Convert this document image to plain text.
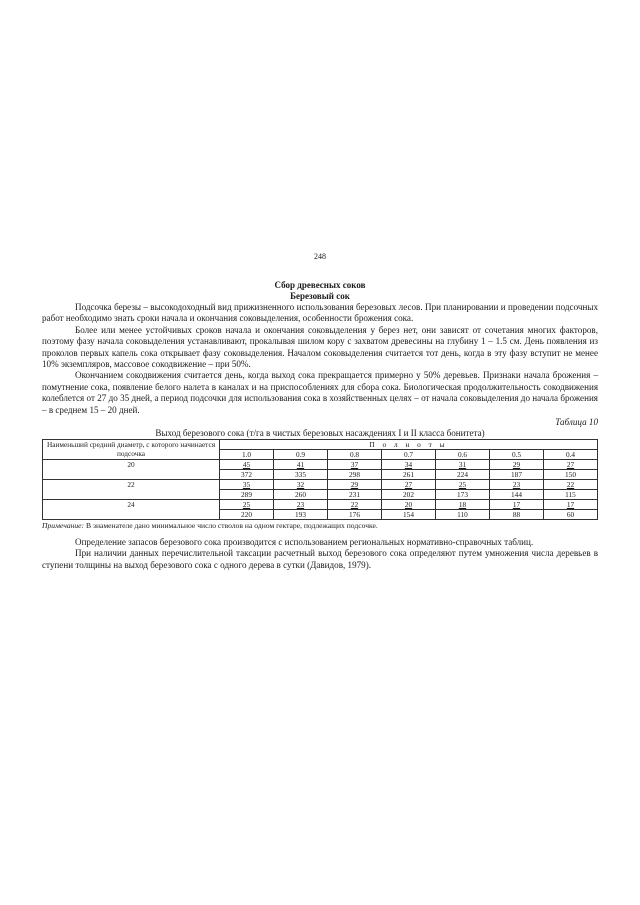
248
Сбор древесных соков
Березовый сок

Подсочка березы – высокодоходный вид прижизненного использования березовых лесов. При планировании и проведении подсочных работ необходимо знать сроки начала и окончания соковыделения, особенности брожения сока.

Более или менее устойчивых сроков начала и окончания соковыделения у берез нет, они зависят от сочетания многих факторов, поэтому фазу начала соковыделения устанавливают, прокалывая шилом кору с захватом древесины на глубину 1 – 1.5 см. День появления из проколов первых капель сока открывает фазу соковыделения. Началом соковыделения считается тот день, когда в эту фазу вступит не менее 10% экземпляров, массовое сокодвижение – при 50%.

Окончанием сокодвижения считается день, когда выход сока прекращается примерно у 50% деревьев. Признаки начала брожения – помутнение сока, появление белого налета в каналах и на приспособлениях для сбора сока. Биологическая продолжительность сокодвижения колеблется от 27 до 35 дней, а период подсочки для использования сока в хозяйственных целях – от начала соковыделения до начала брожения – в среднем 15 – 20 дней.

Таблица 10
Выход березового сока (т/га в чистых березовых насаждениях I и II класса бонитета)
Наименьший средний диаметр, с которого начинается подсочка	П о л н о т ы						
	1.0	0.9	0.8	0.7	0.6	0.5	0.4
20	45	41	37	34	31	29	27
	372	335	298	261	224	187	150
22	35	32	29	27	25	23	22
	289	260	231	202	173	144	115
24	25	23	22	20	18	17	17
	220	193	176	154	110	88	60
Примечание: В знаменателе дано минимальное число стволов на одном гектаре, подлежащих подсочке.

Определение запасов березового сока производится с использованием региональных нормативно-справочных таблиц.

При наличии данных перечислительной таксации расчетный выход березового сока определяют путем умножения числа деревьев в ступени толщины на выход березового сока с одного дерева в сутки (Давидов, 1979).
